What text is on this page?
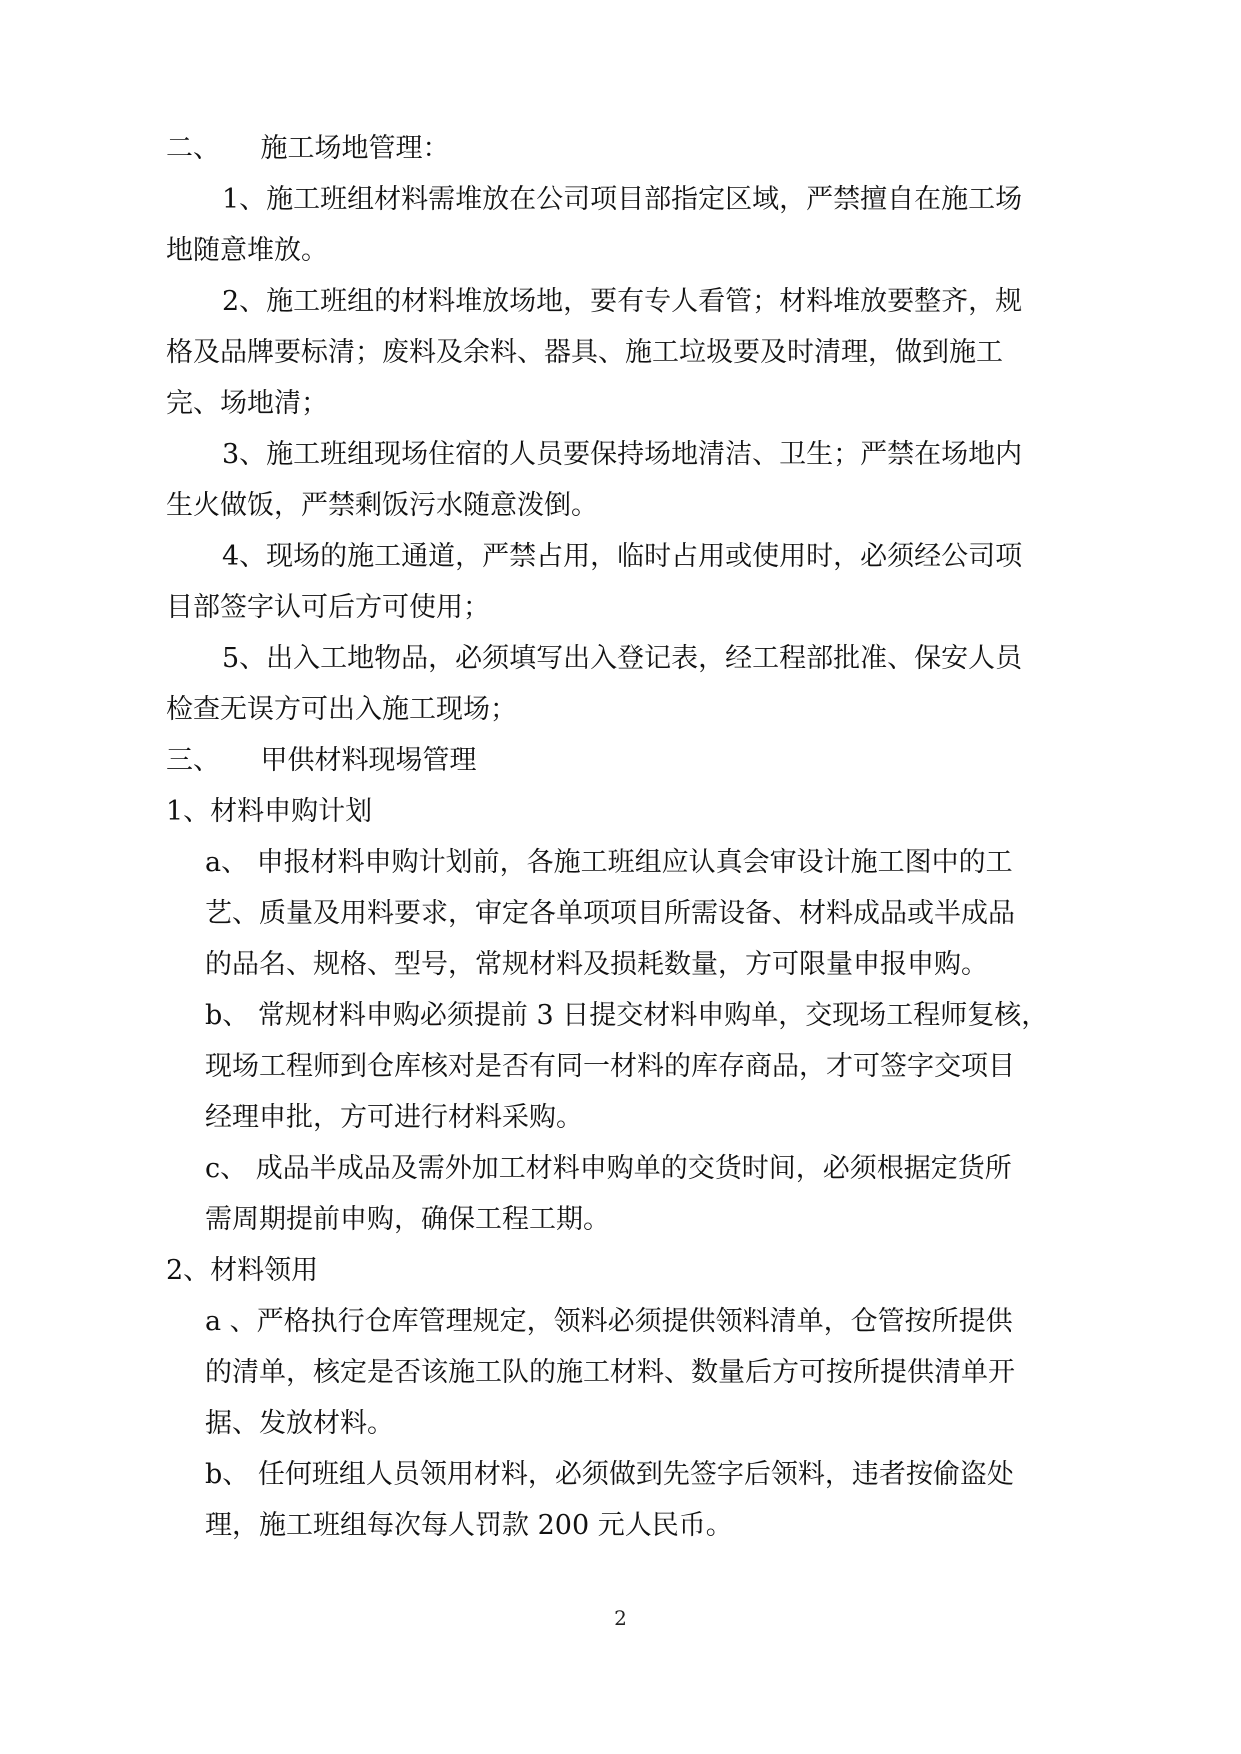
二、　　施工场地管理：
　1、施工班组材料需堆放在公司项目部指定区域，严禁擅自在施工场
地随意堆放。
　2、施工班组的材料堆放场地，要有专人看管；材料堆放要整齐，规
格及品牌要标清；废料及余料、器具、施工垃圾要及时清理，做到施工
完、场地清；
　3、施工班组现场住宿的人员要保持场地清洁、卫生；严禁在场地内
生火做饭，严禁剩饭污水随意泼倒。
　4、现场的施工通道，严禁占用，临时占用或使用时，必须经公司项
目部签字认可后方可使用；
　5、出入工地物品，必须填写出入登记表，经工程部批准、保安人员
检查无误方可出入施工现场；
三、　　甲供材料现埸管理
1、材料申购计划
a、 申报材料申购计划前，各施工班组应认真会审设计施工图中的工
艺、质量及用料要求，审定各单项项目所需设备、材料成品或半成品
的品名、规格、型号，常规材料及损耗数量，方可限量申报申购。
b、 常规材料申购必须提前 3 日提交材料申购单，交现场工程师复核，
现场工程师到仓库核对是否有同一材料的库存商品，才可签字交项目
经理申批，方可进行材料采购。
c、 成品半成品及需外加工材料申购单的交货时间，必须根据定货所
需周期提前申购，确保工程工期。
2、材料领用
a 、严格执行仓库管理规定，领料必须提供领料清单，仓管按所提供
的清单，核定是否该施工队的施工材料、数量后方可按所提供清单开
据、发放材料。
b、 任何班组人员领用材料，必须做到先签字后领料，违者按偷盗处
理，施工班组每次每人罚款 200 元人民币。
2
